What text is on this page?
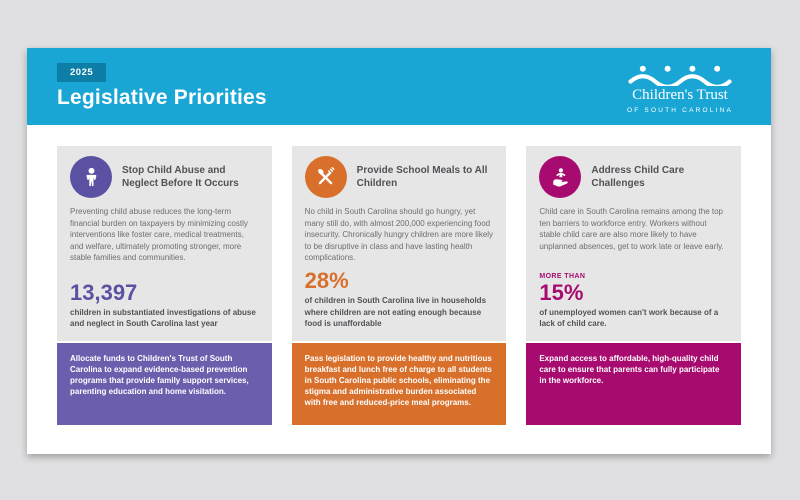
2025
Legislative Priorities	Children's Trust
OF SOUTH CAROLINA
Stop Child Abuse and Neglect Before It Occurs
Preventing child abuse reduces the long-term financial burden on taxpayers by minimizing costly interventions like foster care, medical treatments, and welfare, ultimately promoting stronger, more stable families and communities.
13,397
children in substantiated investigations of abuse and neglect in South Carolina last year
Allocate funds to Children's Trust of South Carolina to expand evidence-based prevention programs that provide family support services, parenting education and home visitation.
Provide School Meals to All Children
No child in South Carolina should go hungry, yet many still do, with almost 200,000 experiencing food insecurity. Chronically hungry children are more likely to be disruptive in class and have lasting health complications.
28%
of children in South Carolina live in households where children are not eating enough because food is unaffordable
Pass legislation to provide healthy and nutritious breakfast and lunch free of charge to all students in South Carolina public schools, eliminating the stigma and administrative burden associated with free and reduced-price meal programs.
Address Child Care Challenges
Child care in South Carolina remains among the top ten barriers to workforce entry. Workers without stable child care are also more likely to have unplanned absences, get to work late or leave early.
MORE THAN
15%
of unemployed women can't work because of a lack of child care.
Expand access to affordable, high-quality child care to ensure that parents can fully participate in the workforce.
